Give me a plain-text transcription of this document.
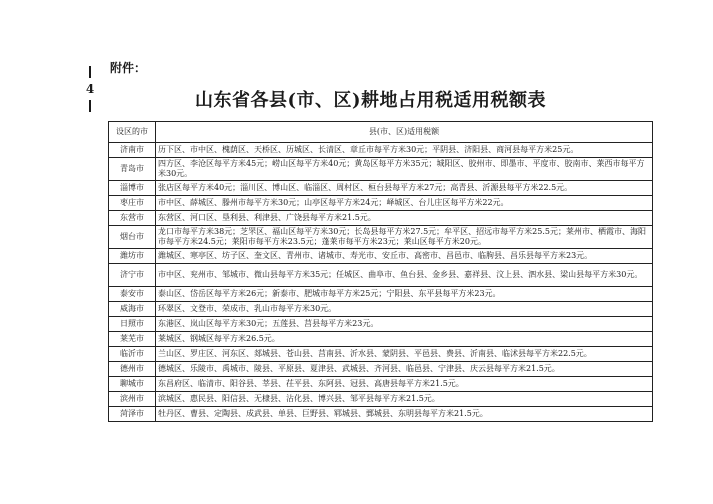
4
附件：
山东省各县(市、区)耕地占用税适用税额表
设区的市	县(市、区)适用税额
济南市	历下区、市中区、槐荫区、天桥区、历城区、长清区、章丘市每平方米30元；平阴县、济阳县、商河县每平方米25元。
青岛市	四方区、李沧区每平方米45元；崂山区每平方米40元；黄岛区每平方米35元；城阳区、胶州市、即墨市、平度市、胶南市、莱西市每平方米30元。
淄博市	张店区每平方米40元；淄川区、博山区、临淄区、周村区、桓台县每平方米27元；高青县、沂源县每平方米22.5元。
枣庄市	市中区、薛城区、滕州市每平方米30元；山亭区每平方米24元；峄城区、台儿庄区每平方米22元。
东营市	东营区、河口区、垦利县、利津县、广饶县每平方米21.5元。
烟台市	龙口市每平方米38元；芝罘区、福山区每平方米30元；长岛县每平方米27.5元；牟平区、招远市每平方米25.5元；莱州市、栖霞市、海阳市每平方米24.5元；莱阳市每平方米23.5元；蓬莱市每平方米23元；莱山区每平方米20元。
潍坊市	潍城区、寒亭区、坊子区、奎文区、青州市、诸城市、寿光市、安丘市、高密市、昌邑市、临朐县、昌乐县每平方米23元。
济宁市	市中区、兖州市、邹城市、微山县每平方米35元；任城区、曲阜市、鱼台县、金乡县、嘉祥县、汶上县、泗水县、梁山县每平方米30元。
泰安市	泰山区、岱岳区每平方米26元；新泰市、肥城市每平方米25元；宁阳县、东平县每平方米23元。
威海市	环翠区、文登市、荣成市、乳山市每平方米30元。
日照市	东港区、岚山区每平方米30元；五莲县、莒县每平方米23元。
莱芜市	莱城区、钢城区每平方米26.5元。
临沂市	兰山区、罗庄区、河东区、郯城县、苍山县、莒南县、沂水县、蒙阴县、平邑县、费县、沂南县、临沭县每平方米22.5元。
德州市	德城区、乐陵市、禹城市、陵县、平原县、夏津县、武城县、齐河县、临邑县、宁津县、庆云县每平方米21.5元。
聊城市	东昌府区、临清市、阳谷县、莘县、茌平县、东阿县、冠县、高唐县每平方米21.5元。
滨州市	滨城区、惠民县、阳信县、无棣县、沾化县、博兴县、邹平县每平方米21.5元。
菏泽市	牡丹区、曹县、定陶县、成武县、单县、巨野县、郓城县、鄄城县、东明县每平方米21.5元。
